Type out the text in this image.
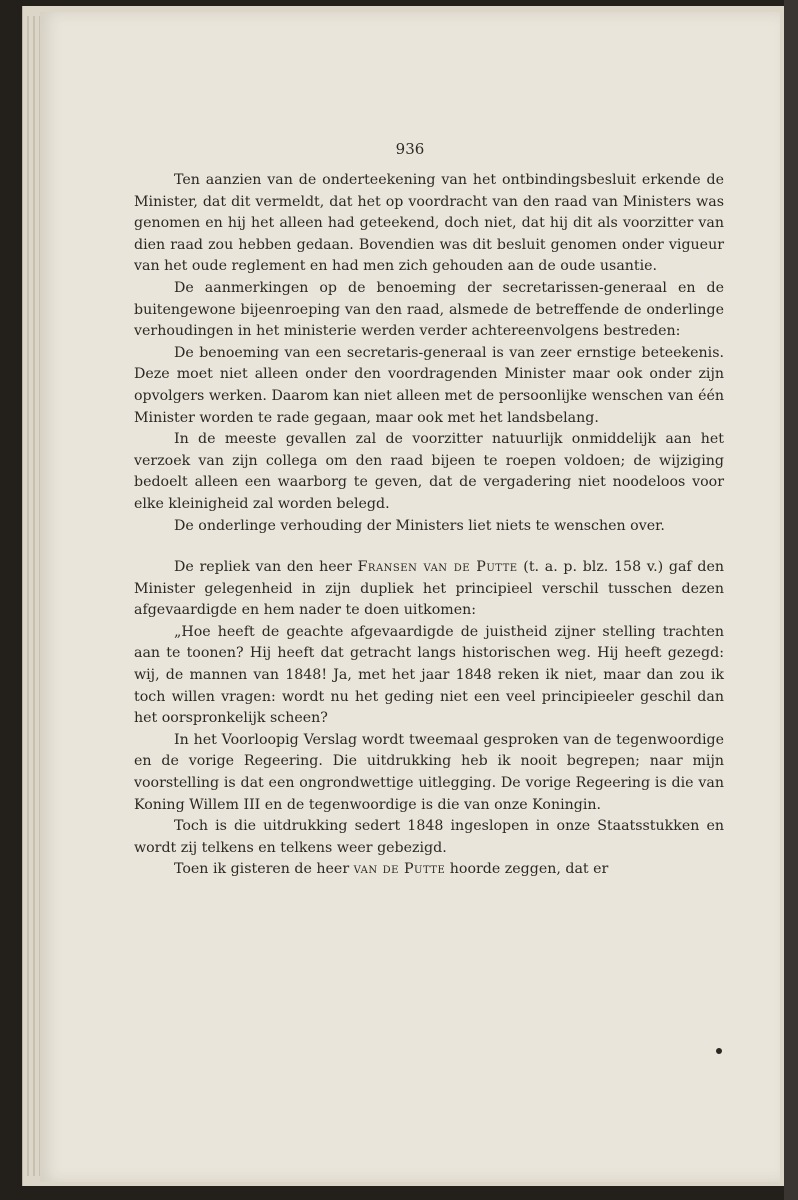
936

Ten aanzien van de onderteekening van het ontbindingsbesluit erkende de Minister, dat dit vermeldt, dat het op voordracht van den raad van Ministers was genomen en hij het alleen had geteekend, doch niet, dat hij dit als voorzitter van dien raad zou hebben gedaan. Bovendien was dit besluit genomen onder vigueur van het oude reglement en had men zich gehouden aan de oude usantie.

De aanmerkingen op de benoeming der secretarissen-generaal en de buitengewone bijeenroeping van den raad, alsmede de betreffende de onderlinge verhoudingen in het ministerie werden verder achtereenvolgens bestreden:

De benoeming van een secretaris-generaal is van zeer ernstige beteekenis. Deze moet niet alleen onder den voordragenden Minister maar ook onder zijn opvolgers werken. Daarom kan niet alleen met de persoonlijke wenschen van één Minister worden te rade gegaan, maar ook met het landsbelang.

In de meeste gevallen zal de voorzitter natuurlijk onmiddelijk aan het verzoek van zijn collega om den raad bijeen te roepen voldoen; de wijziging bedoelt alleen een waarborg te geven, dat de vergadering niet noodeloos voor elke kleinigheid zal worden belegd.

De onderlinge verhouding der Ministers liet niets te wenschen over.

De repliek van den heer Fransen van de Putte (t. a. p. blz. 158 v.) gaf den Minister gelegenheid in zijn dupliek het principieel verschil tusschen dezen afgevaardigde en hem nader te doen uitkomen:

„Hoe heeft de geachte afgevaardigde de juistheid zijner stelling trachten aan te toonen? Hij heeft dat getracht langs historischen weg. Hij heeft gezegd: wij, de mannen van 1848! Ja, met het jaar 1848 reken ik niet, maar dan zou ik toch willen vragen: wordt nu het geding niet een veel principieeler geschil dan het oorspronkelijk scheen?

In het Voorloopig Verslag wordt tweemaal gesproken van de tegenwoordige en de vorige Regeering. Die uitdrukking heb ik nooit begrepen; naar mijn voorstelling is dat een ongrondwettige uitlegging. De vorige Regeering is die van Koning Willem III en de tegenwoordige is die van onze Koningin.

Toch is die uitdrukking sedert 1848 ingeslopen in onze Staatsstukken en wordt zij telkens en telkens weer gebezigd.

Toen ik gisteren de heer van de Putte hoorde zeggen, dat er
